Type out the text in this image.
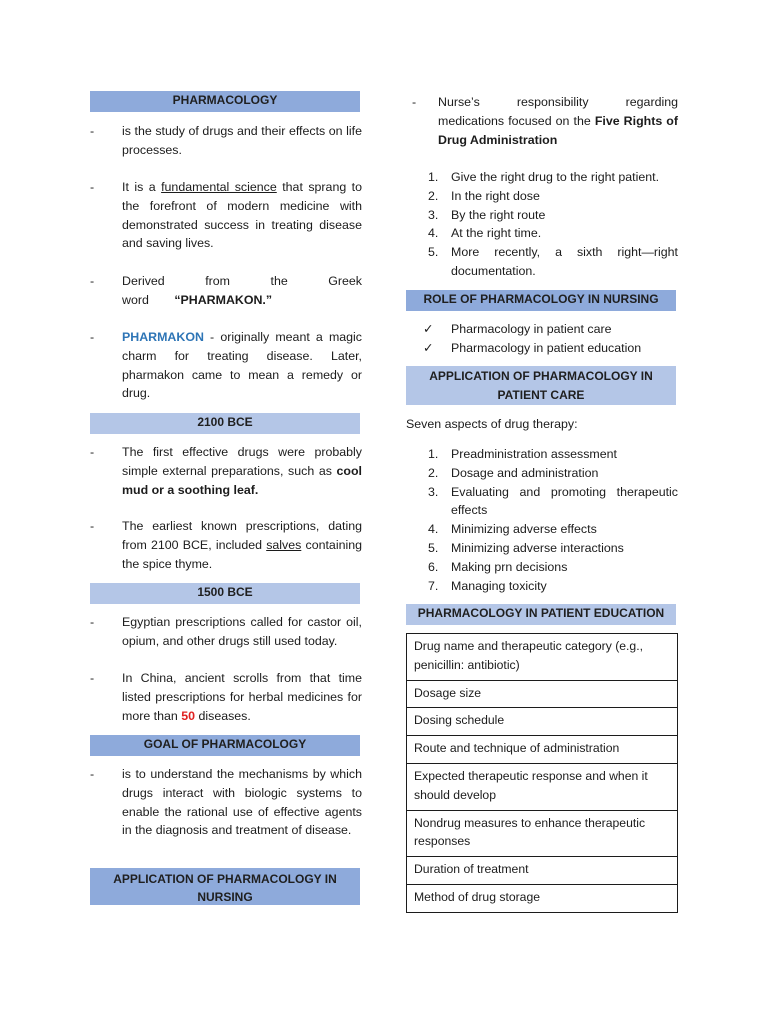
PHARMACOLOGY
-	is the study of drugs and their effects on life processes.
-	It is a fundamental science that sprang to the forefront of modern medicine with demonstrated success in treating disease and saving lives.
-	Derived from the Greek word “PHARMAKON.”
-	PHARMAKON - originally meant a magic charm for treating disease. Later, pharmakon came to mean a remedy or drug.
2100 BCE
-	The first effective drugs were probably simple external preparations, such as cool mud or a soothing leaf.
-	The earliest known prescriptions, dating from 2100 BCE, included salves containing the spice thyme.
1500 BCE
-	Egyptian prescriptions called for castor oil, opium, and other drugs still used today.
-	In China, ancient scrolls from that time listed prescriptions for herbal medicines for more than 50 diseases.
GOAL OF PHARMACOLOGY
-	is to understand the mechanisms by which drugs interact with biologic systems to enable the rational use of effective agents in the diagnosis and treatment of disease.
APPLICATION OF PHARMACOLOGY IN NURSING
-	Nurse’s responsibility regarding medications focused on the Five Rights of Drug Administration
1. Give the right drug to the right patient.
2. In the right dose
3. By the right route
4. At the right time.
5. More recently, a sixth right—right documentation.
ROLE OF PHARMACOLOGY IN NURSING
✓ Pharmacology in patient care
✓ Pharmacology in patient education
APPLICATION OF PHARMACOLOGY IN PATIENT CARE
Seven aspects of drug therapy:
1. Preadministration assessment
2. Dosage and administration
3. Evaluating and promoting therapeutic effects
4. Minimizing adverse effects
5. Minimizing adverse interactions
6. Making prn decisions
7. Managing toxicity
PHARMACOLOGY IN PATIENT EDUCATION
Drug name and therapeutic category (e.g., penicillin: antibiotic)
Dosage size
Dosing schedule
Route and technique of administration
Expected therapeutic response and when it should develop
Nondrug measures to enhance therapeutic responses
Duration of treatment
Method of drug storage
